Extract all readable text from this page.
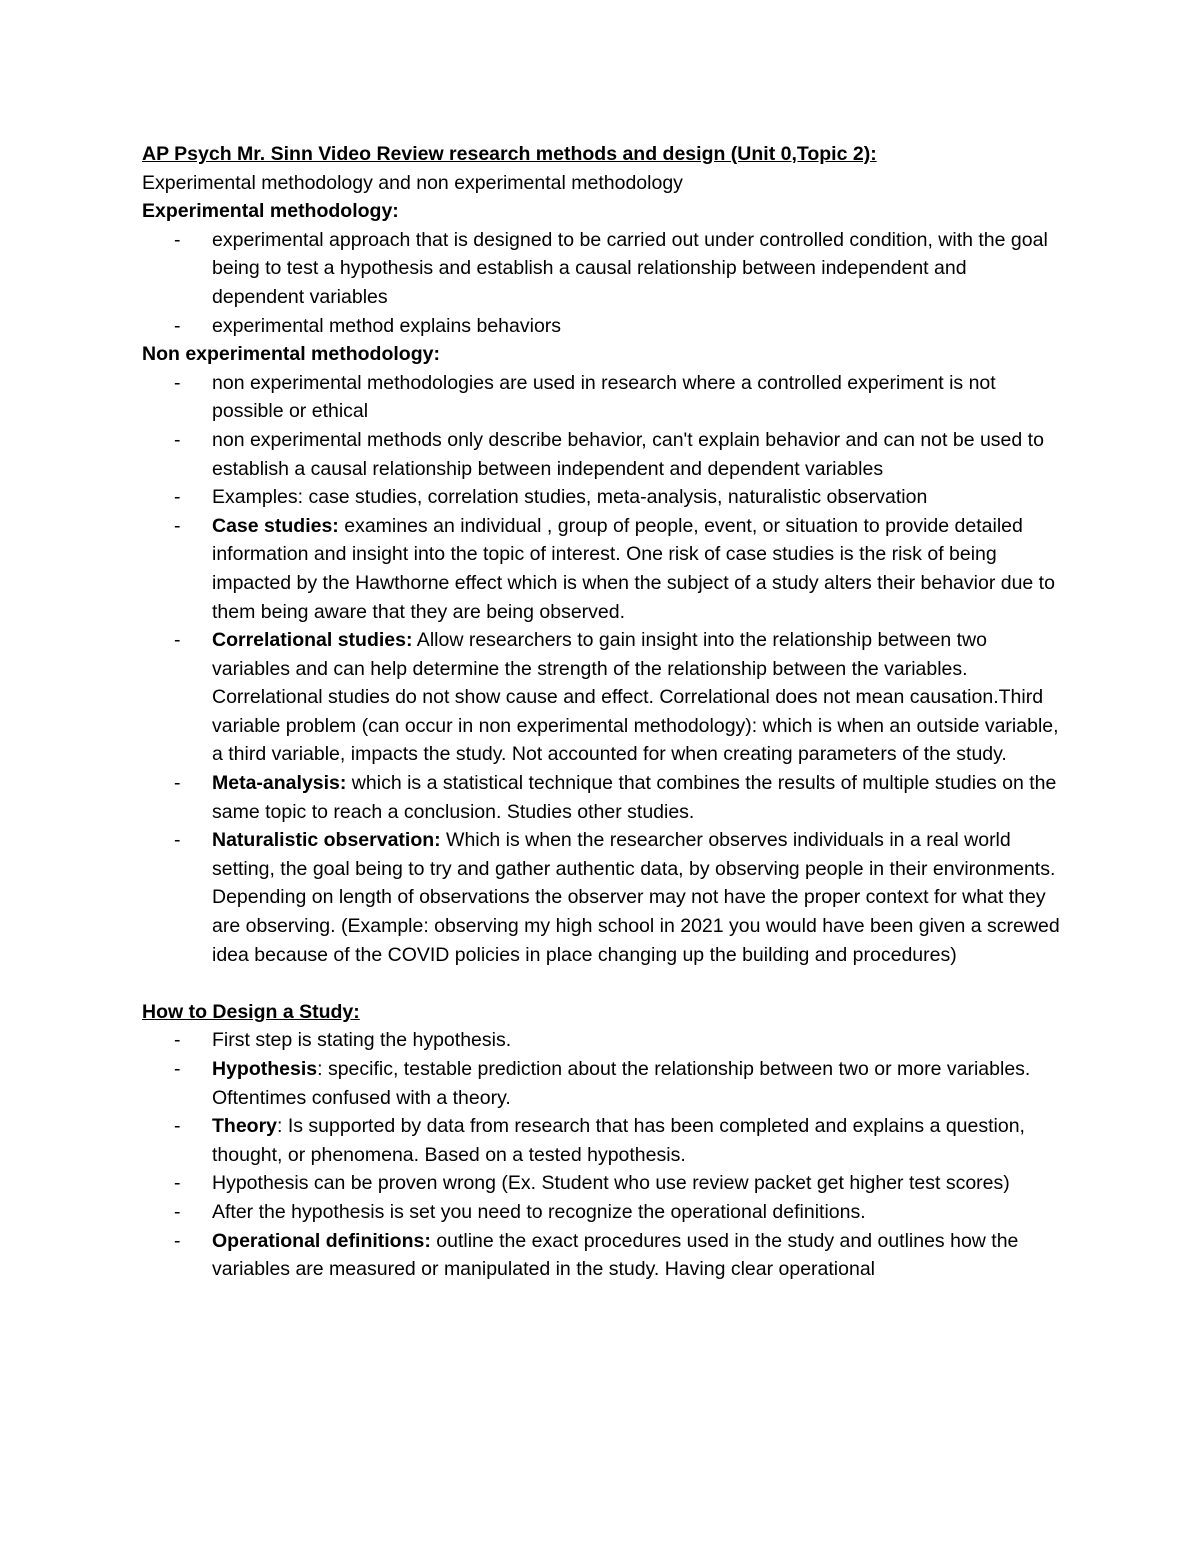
AP Psych Mr. Sinn Video Review research methods and design (Unit 0,Topic 2):

Experimental methodology and non experimental methodology

Experimental methodology:

- experimental approach that is designed to be carried out under controlled condition, with the goal being to test a hypothesis and establish a causal relationship between independent and dependent variables
- experimental method explains behaviors

Non experimental methodology:

- non experimental methodologies are used in research where a controlled experiment is not possible or ethical
- non experimental methods only describe behavior, can't explain behavior and can not be used to establish a causal relationship between independent and dependent variables
- Examples: case studies, correlation studies, meta-analysis, naturalistic observation
- Case studies: examines an individual , group of people, event, or situation to provide detailed information and insight into the topic of interest. One risk of case studies is the risk of being impacted by the Hawthorne effect which is when the subject of a study alters their behavior due to them being aware that they are being observed.
- Correlational studies: Allow researchers to gain insight into the relationship between two variables and can help determine the strength of the relationship between the variables. Correlational studies do not show cause and effect. Correlational does not mean causation.Third variable problem (can occur in non experimental methodology): which is when an outside variable, a third variable, impacts the study. Not accounted for when creating parameters of the study.
- Meta-analysis: which is a statistical technique that combines the results of multiple studies on the same topic to reach a conclusion. Studies other studies.
- Naturalistic observation: Which is when the researcher observes individuals in a real world setting, the goal being to try and gather authentic data, by observing people in their environments. Depending on length of observations the observer may not have the proper context for what they are observing. (Example: observing my high school in 2021 you would have been given a screwed idea because of the COVID policies in place changing up the building and procedures)

How to Design a Study:

- First step is stating the hypothesis.
- Hypothesis: specific, testable prediction about the relationship between two or more variables. Oftentimes confused with a theory.
- Theory: Is supported by data from research that has been completed and explains a question, thought, or phenomena. Based on a tested hypothesis.
- Hypothesis can be proven wrong (Ex. Student who use review packet get higher test scores)
- After the hypothesis is set you need to recognize the operational definitions.
- Operational definitions: outline the exact procedures used in the study and outlines how the variables are measured or manipulated in the study. Having clear operational
